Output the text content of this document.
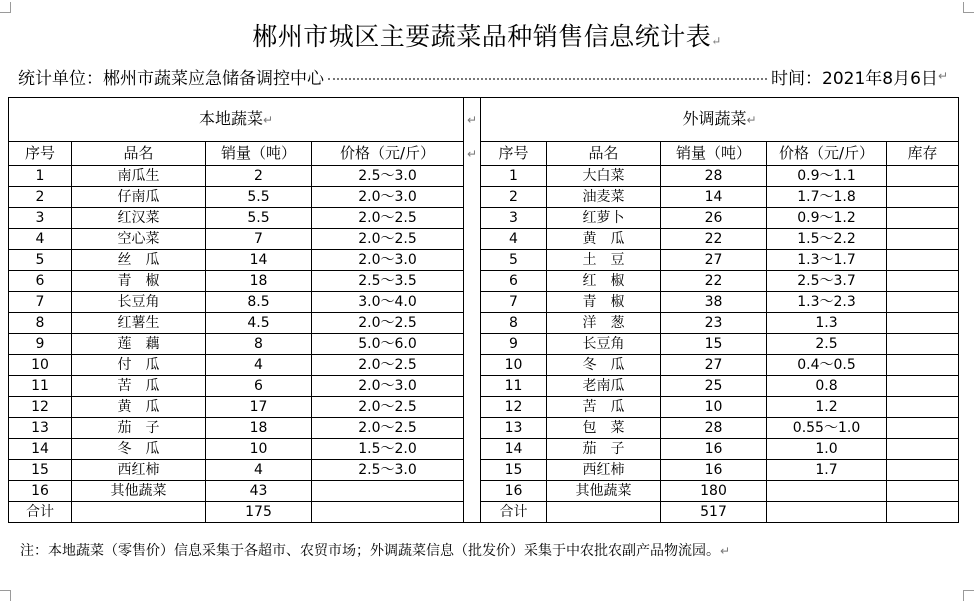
郴州市城区主要蔬菜品种销售信息统计表↵
统计单位：郴州市蔬菜应急储备调控中心	时间：2021年8月6日 ↵
本地蔬菜↵				↵	外调蔬菜↵				
序号	品名	销量（吨）	价格（元/斤）	↵	序号	品名	销量（吨）	价格（元/斤）	库存
1	南瓜生	2	2.5～3.0		1	大白菜	28	0.9～1.1	
2	仔南瓜	5.5	2.0～3.0		2	油麦菜	14	1.7～1.8	
3	红汉菜	5.5	2.0～2.5		3	红萝卜	26	0.9～1.2	
4	空心菜	7	2.0～2.5		4	黄　瓜	22	1.5～2.2	
5	丝　瓜	14	2.0～3.0		5	土　豆	27	1.3～1.7	
6	青　椒	18	2.5～3.5		6	红　椒	22	2.5～3.7	
7	长豆角	8.5	3.0～4.0		7	青　椒	38	1.3～2.3	
8	红薯生	4.5	2.0～2.5		8	洋　葱	23	1.3	
9	莲　藕	8	5.0～6.0		9	长豆角	15	2.5	
10	付　瓜	4	2.0～2.5		10	冬　瓜	27	0.4～0.5	
11	苦　瓜	6	2.0～3.0		11	老南瓜	25	0.8	
12	黄　瓜	17	2.0～2.5		12	苦　瓜	10	1.2	
13	茄　子	18	2.0～2.5		13	包　菜	28	0.55～1.0	
14	冬　瓜	10	1.5～2.0		14	茄　子	16	1.0	
15	西红柿	4	2.5～3.0		15	西红柿	16	1.7	
16	其他蔬菜	43			16	其他蔬菜	180		
合计		175			合计		517		
注：本地蔬菜（零售价）信息采集于各超市、农贸市场；外调蔬菜信息（批发价）采集于中农批农副产品物流园。↵
